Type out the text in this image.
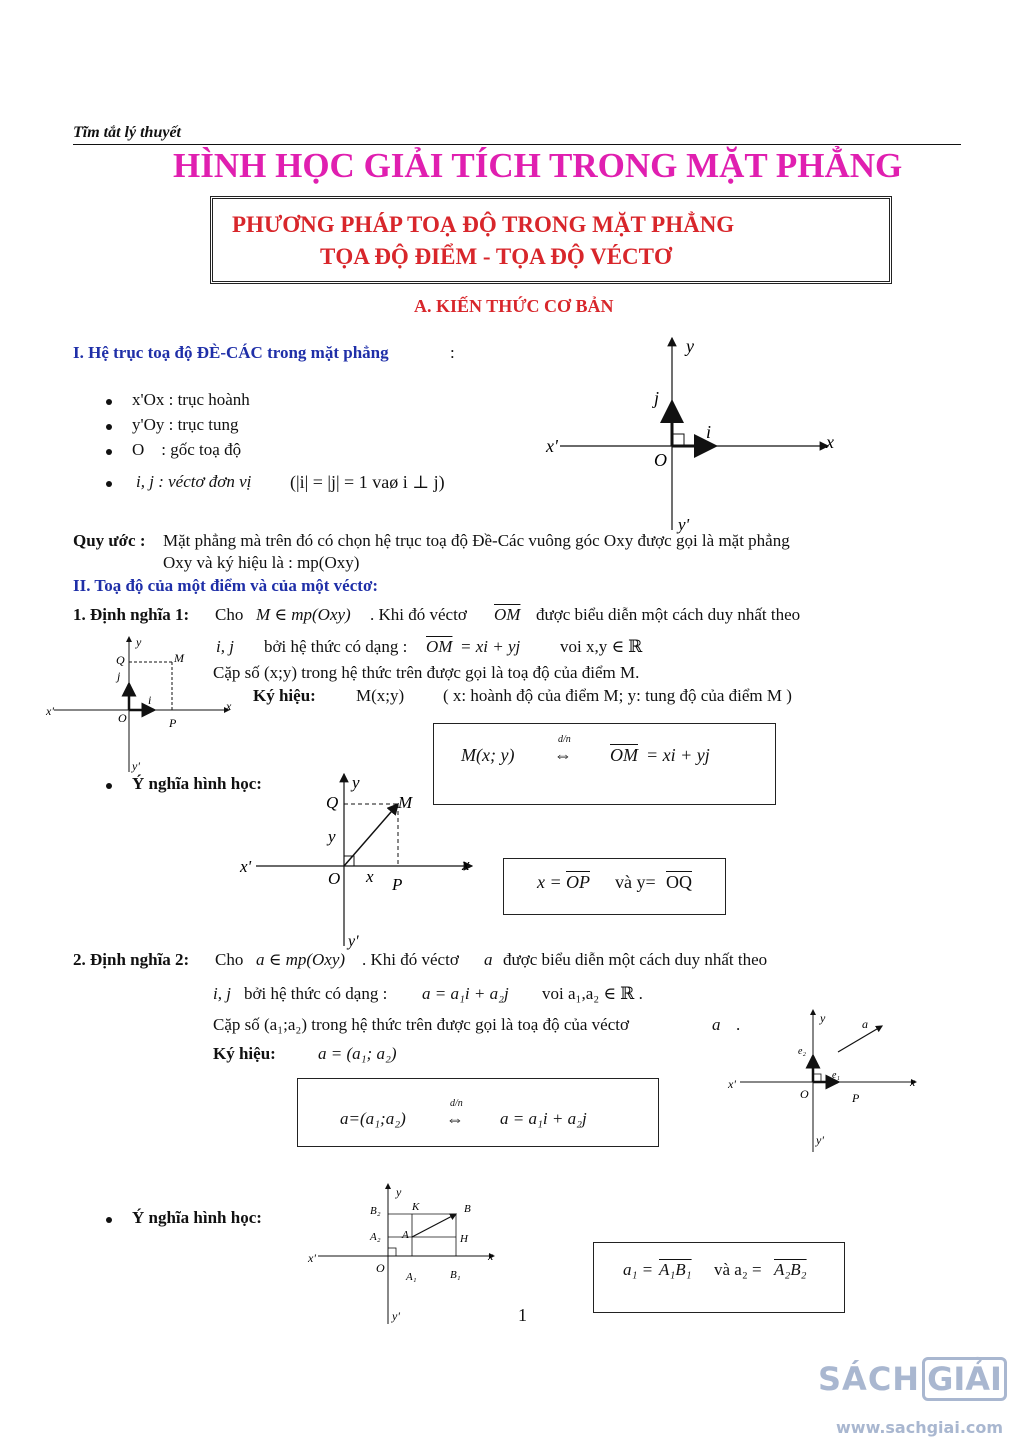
Tĩm tắt lý thuyết
HÌNH HỌC GIẢI TÍCH TRONG MẶT PHẲNG
PHƯƠNG PHÁP TOẠ ĐỘ TRONG MẶT PHẲNG
TỌA ĐỘ ĐIỂM - TỌA ĐỘ VÉCTƠ
A. KIẾN THỨC CƠ BẢN
I. Hệ trục toạ độ ĐÈ-CÁC trong mặt phẳng	:
x'Ox : trục hoành
y'Oy : trục tung
O    : gốc toạ độ
i, j : véctơ đơn vị (|i| = |j| = 1 vaø i ⊥ j)
y
x
x'
O
i
j
y'
Quy ước : Mặt phẳng mà trên đó có chọn hệ trục toạ độ Đề-Các vuông góc Oxy được gọi là mặt phẳng
Oxy và ký hiệu là : mp(Oxy)
II. Toạ độ của một điểm và của một véctơ:
1. Định nghĩa 1: Cho M ∈ mp(Oxy) . Khi đó véctơ $\overline{OM}$ được biểu diễn một cách duy nhất theo
i, j bởi hệ thức có dạng : $\overline{OM}$ = xi + yj voi x,y ∈ ℝ
Cặp số (x;y) trong hệ thức trên được gọi là toạ độ của điểm M.
Ký hiệu: M(x;y) ( x: hoành độ của điểm M; y: tung độ của điểm M )
y
x
x'	O
Q	M
P
i
j
y'
M(x; y)
d/n
⇔ $\overline{OM}$ = xi + yj
Ý nghĩa hình học:	y
x
x'
O
Q	M
P
x
y
y'
$x = \overline{OP}$ và $y= \overline{OQ}$
2. Định nghĩa 2: Cho a ∈ mp(Oxy) . Khi đó véctơ a được biểu diễn một cách duy nhất theo
i, j bởi hệ thức có dạng : a = a₁i + a₂j voi a₁,a₂ ∈ ℝ .
Cặp số (a₁;a₂) trong hệ thức trên được gọi là toạ độ của véctơ	a .
Ký hiệu: a = (a₁; a₂)
y
x
x'
O	P
a
e₁
e₂
y'
a=(a₁;a₂)
d/n
⇔ a = a₁i + a₂j
Ý nghĩa hình học:
y
x
x'
O
B₂
A₂
K	B
A	H
A₁	B₁
y'
a₁ = A₁B₁ và a₂ = A₂B₂
1
SÁCH GIẢI
www.sachgiai.com
